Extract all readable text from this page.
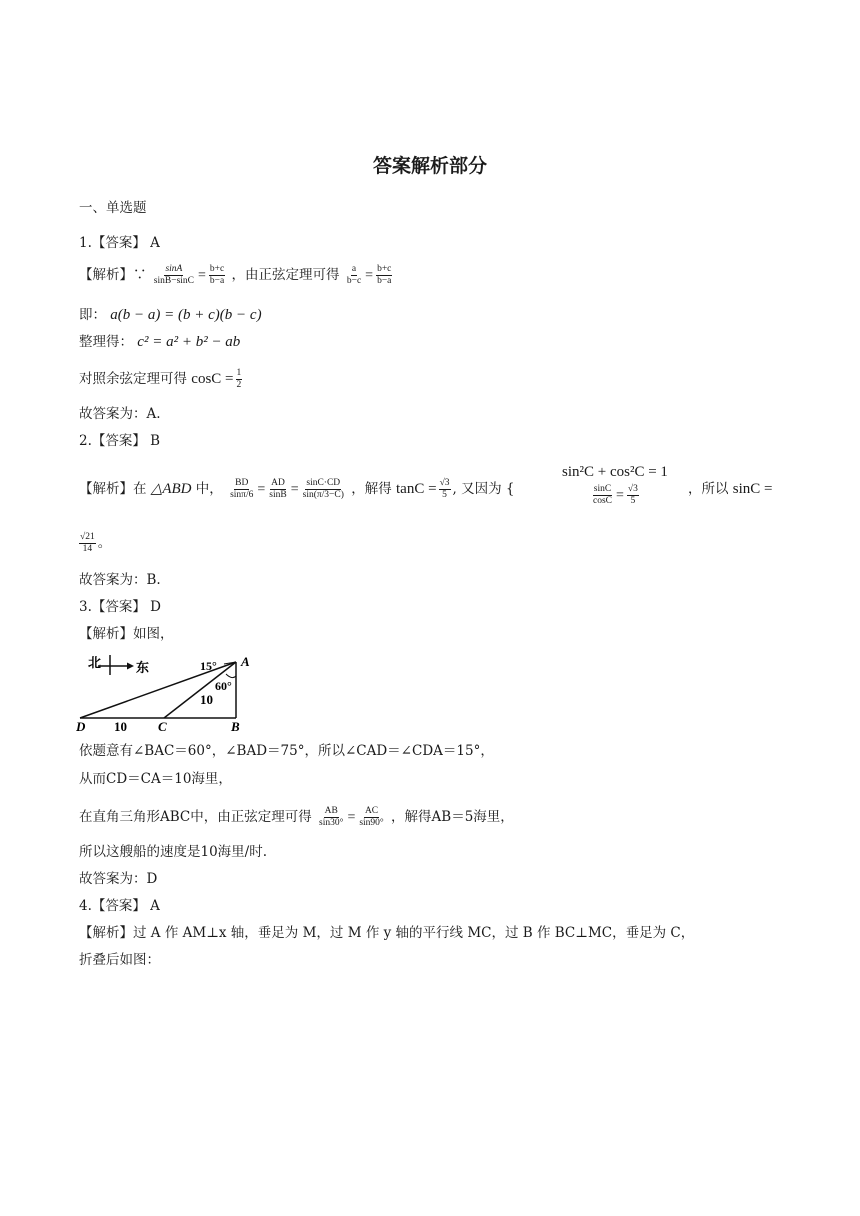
答案解析部分
一、单选题
1.【答案】 A
【解析】∵ $\frac{\sin A}{\sin B-\sin C} = \frac{b+c}{b-a}$ ，由正弦定理可得 $\frac{a}{b-c} = \frac{b+c}{b-a}$
即： a(b − a) = (b + c)(b − c)
整理得： c² = a² + b² − ab
对照余弦定理可得 $\cos C = \frac{1}{2}$
故答案为：A.
2.【答案】 B
【解析】在 △ABD 中， $\frac{BD}{\sin\pi/6} = \frac{AD}{\sin B} = \frac{\sin C\cdot CD}{\sin(\pi/3-C)}$ ，解得 $\tan C = \frac{√3}{5}$ , 又因为 {
sin²C + cos²C = 1
$\frac{\sin C}{\cos C} = \frac{√3}{5}$	，所以 sinC =
$\frac{√21}{14}$ 。
故答案为：B.
3.【答案】 D
【解析】如图，
北	东	15°
60°
10
10
A
B
C
D
依题意有∠BAC＝60°，∠BAD＝75°，所以∠CAD＝∠CDA＝15°，
从而CD＝CA＝10海里，
在直角三角形ABC中，由正弦定理可得 $\frac{AB}{\sin 30^\circ} = \frac{AC}{\sin 90^\circ}$ ，解得AB＝5海里，
所以这艘船的速度是10海里/时.
故答案为：D
4.【答案】 A
【解析】过 A 作 AM⊥x 轴，垂足为 M，过 M 作 y 轴的平行线 MC，过 B 作 BC⊥MC，垂足为 C，
折叠后如图：
